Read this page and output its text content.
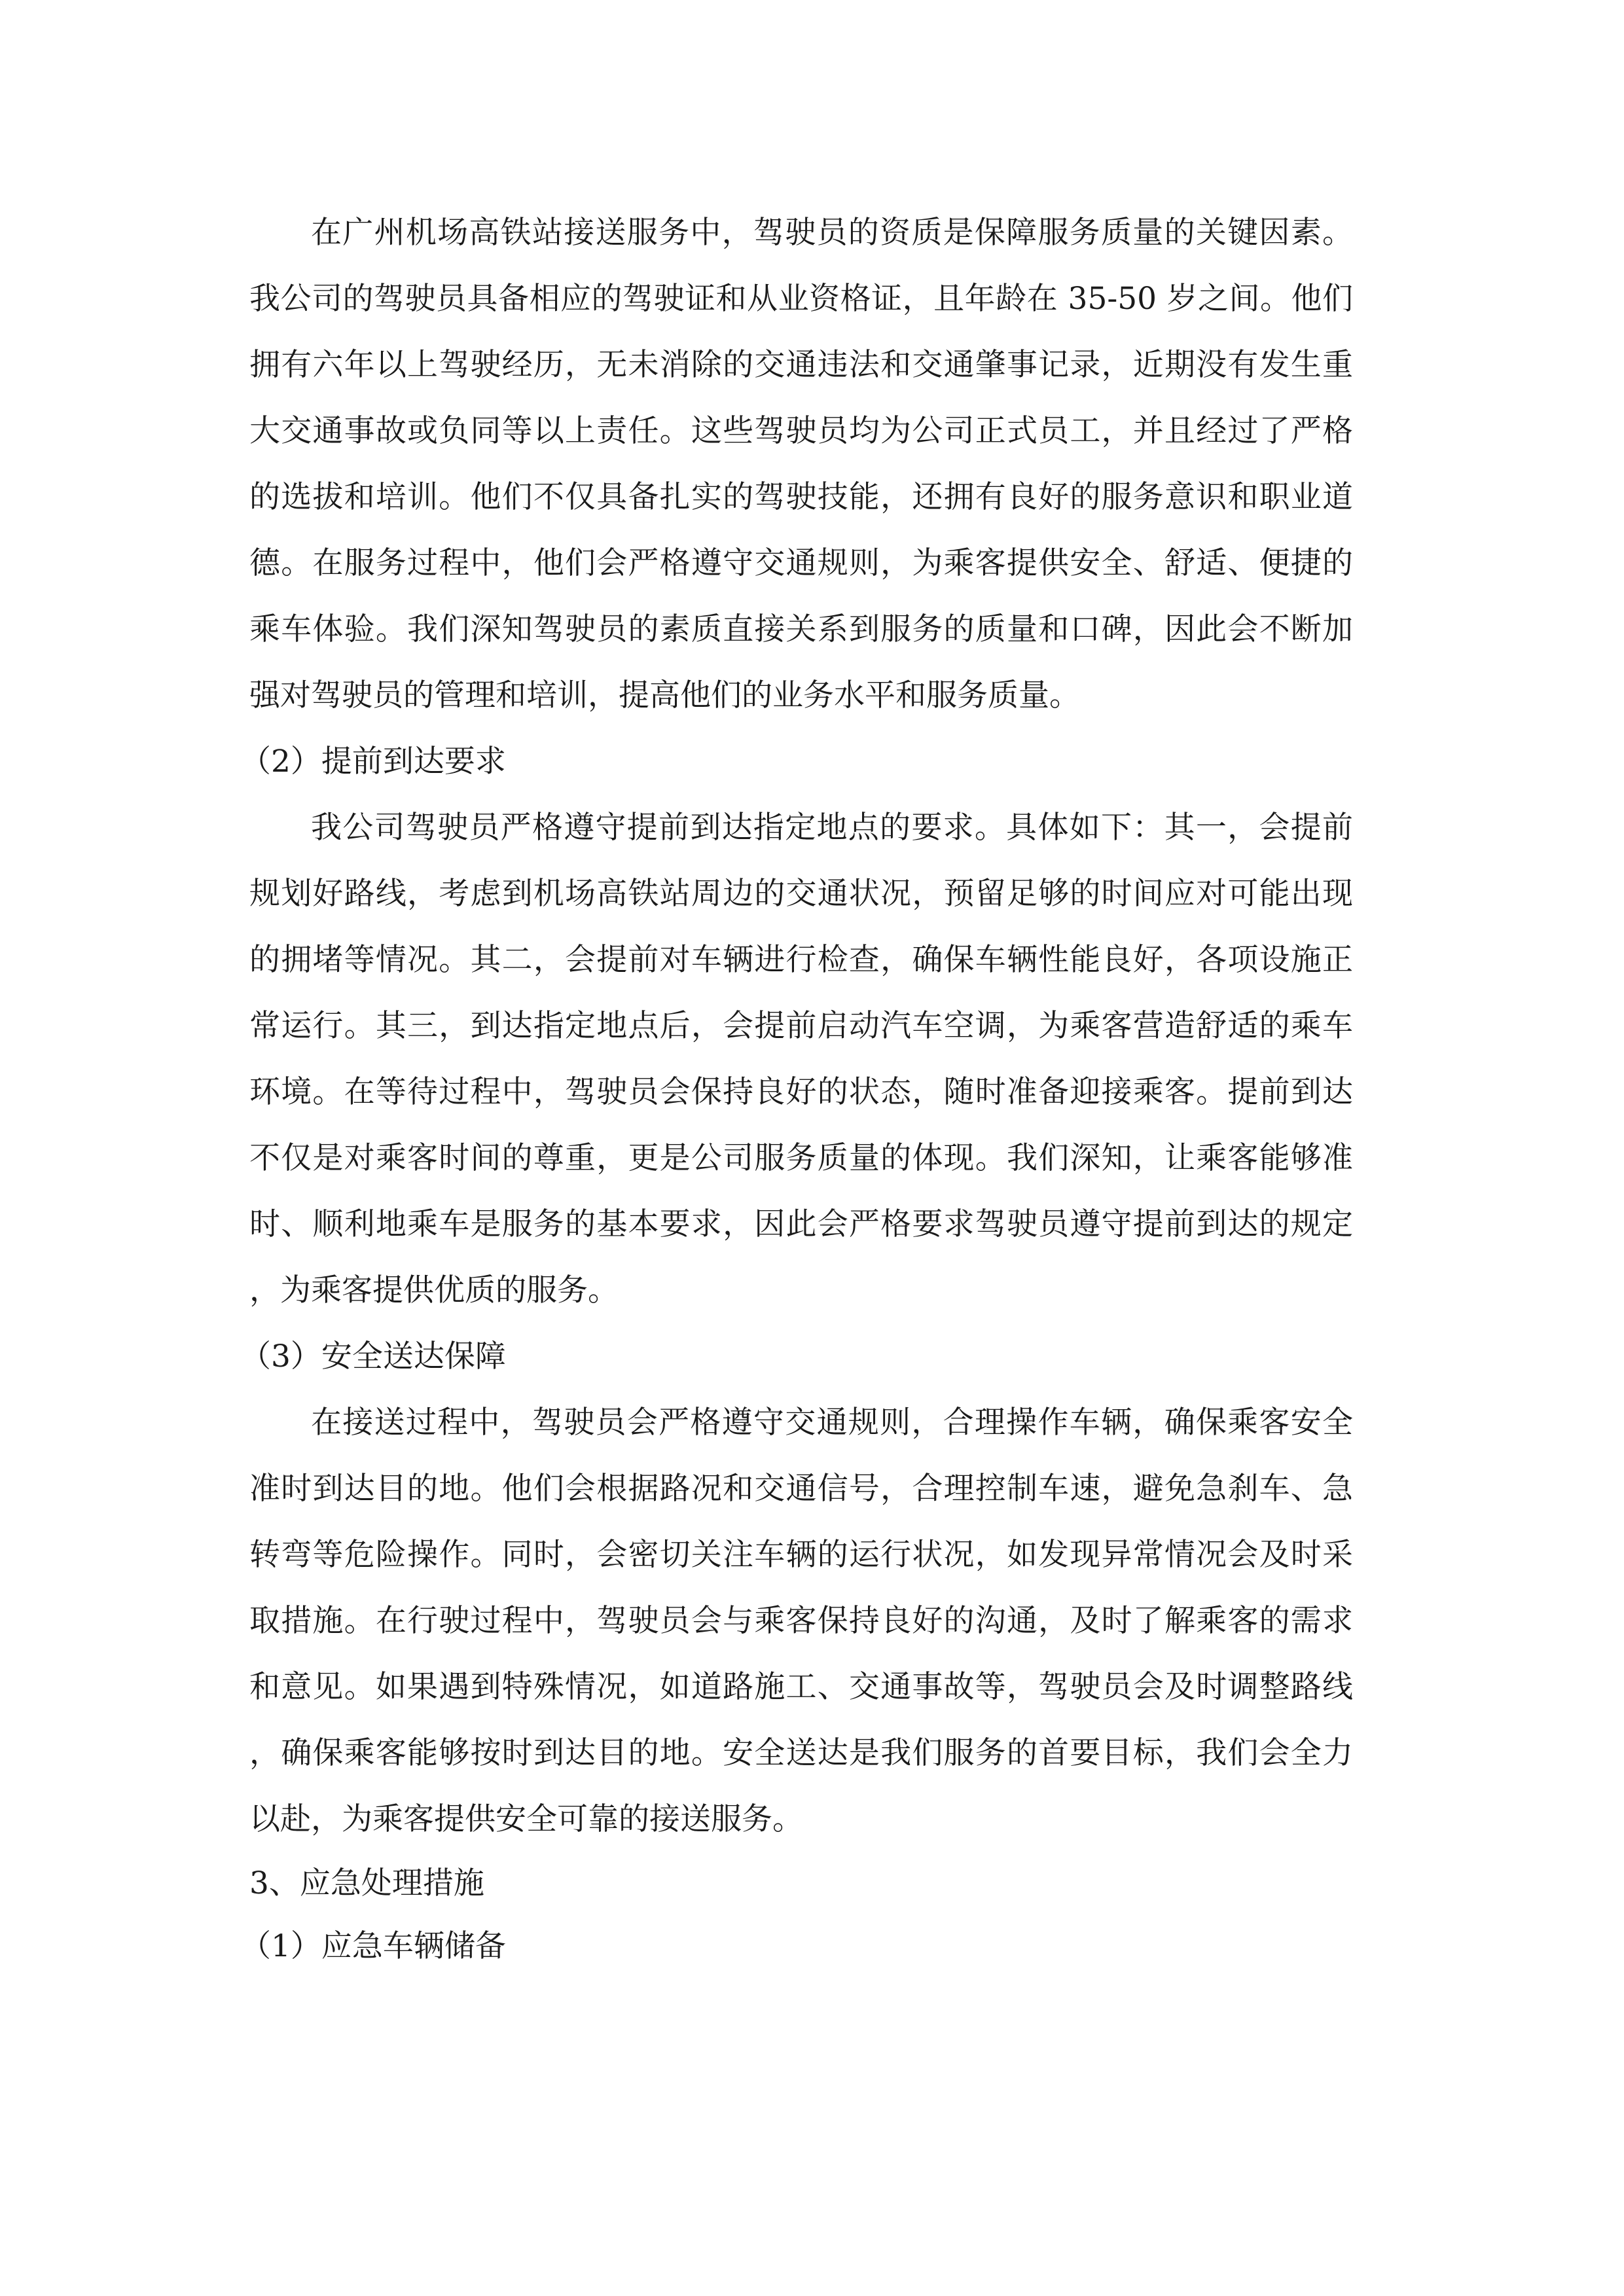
在广州机场高铁站接送服务中，驾驶员的资质是保障服务质量的关键因素。我公司的驾驶员具备相应的驾驶证和从业资格证，且年龄在 35-50 岁之间。他们拥有六年以上驾驶经历，无未消除的交通违法和交通肇事记录，近期没有发生重大交通事故或负同等以上责任。这些驾驶员均为公司正式员工，并且经过了严格的选拔和培训。他们不仅具备扎实的驾驶技能，还拥有良好的服务意识和职业道德。在服务过程中，他们会严格遵守交通规则，为乘客提供安全、舒适、便捷的乘车体验。我们深知驾驶员的素质直接关系到服务的质量和口碑，因此会不断加强对驾驶员的管理和培训，提高他们的业务水平和服务质量。

（2）提前到达要求

我公司驾驶员严格遵守提前到达指定地点的要求。具体如下：其一，会提前规划好路线，考虑到机场高铁站周边的交通状况，预留足够的时间应对可能出现的拥堵等情况。其二，会提前对车辆进行检查，确保车辆性能良好，各项设施正常运行。其三，到达指定地点后，会提前启动汽车空调，为乘客营造舒适的乘车环境。在等待过程中，驾驶员会保持良好的状态，随时准备迎接乘客。提前到达不仅是对乘客时间的尊重，更是公司服务质量的体现。我们深知，让乘客能够准时、顺利地乘车是服务的基本要求，因此会严格要求驾驶员遵守提前到达的规定，为乘客提供优质的服务。

（3）安全送达保障

在接送过程中，驾驶员会严格遵守交通规则，合理操作车辆，确保乘客安全准时到达目的地。他们会根据路况和交通信号，合理控制车速，避免急刹车、急转弯等危险操作。同时，会密切关注车辆的运行状况，如发现异常情况会及时采取措施。在行驶过程中，驾驶员会与乘客保持良好的沟通，及时了解乘客的需求和意见。如果遇到特殊情况，如道路施工、交通事故等，驾驶员会及时调整路线，确保乘客能够按时到达目的地。安全送达是我们服务的首要目标，我们会全力以赴，为乘客提供安全可靠的接送服务。

3、应急处理措施

（1）应急车辆储备
